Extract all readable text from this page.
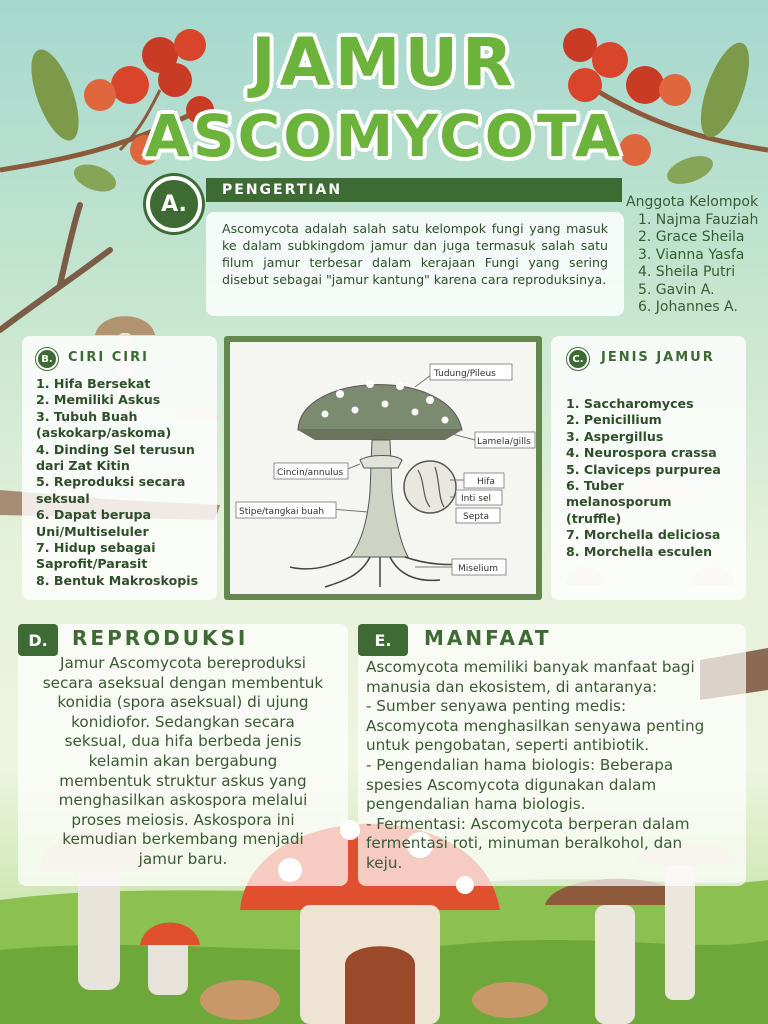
JAMUR
ASCOMYCOTA
A.
PENGERTIAN

Ascomycota adalah salah satu kelompok fungi yang masuk ke dalam subkingdom jamur dan juga termasuk salah satu filum jamur terbesar dalam kerajaan Fungi yang sering disebut sebagai "jamur kantung" karena cara reproduksinya.

Anggota Kelompok
1. Najma Fauziah
2. Grace Sheila
3. Vianna Yasfa
4. Sheila Putri
5. Gavin A.
6. Johannes A.
B.	CIRI CIRI
1. Hifa Bersekat
2. Memiliki Askus
3. Tubuh Buah
(askokarp/askoma)
4. Dinding Sel terusun
dari Zat Kitin
5. Reproduksi secara
seksual
6. Dapat berupa
Uni/Multiseluler
7. Hidup sebagai
Saprofit/Parasit
8. Bentuk Makroskopis
Tudung/Pileus
Lamela/gills
Cincin/annulus
Hifa
Inti sel
Septa
Stipe/tangkai buah
Miselium
C.	JENIS JAMUR
1. Saccharomyces
2. Penicillium
3. Aspergillus
4. Neurospora crassa
5. Claviceps purpurea
6. Tuber
melanosporum
(truffle)
7. Morchella deliciosa
8. Morchella esculen
D.	REPRODUKSI
Jamur Ascomycota bereproduksi
secara aseksual dengan membentuk
konidia (spora aseksual) di ujung
konidiofor. Sedangkan secara
seksual, dua hifa berbeda jenis
kelamin akan bergabung
membentuk struktur askus yang
menghasilkan askospora melalui
proses meiosis. Askospora ini
kemudian berkembang menjadi
jamur baru.
E.	MANFAAT
Ascomycota memiliki banyak manfaat bagi
manusia dan ekosistem, di antaranya:
- Sumber senyawa penting medis:
Ascomycota menghasilkan senyawa penting
untuk pengobatan, seperti antibiotik.
- Pengendalian hama biologis: Beberapa
spesies Ascomycota digunakan dalam
pengendalian hama biologis.
- Fermentasi: Ascomycota berperan dalam
fermentasi roti, minuman beralkohol, dan
keju.
